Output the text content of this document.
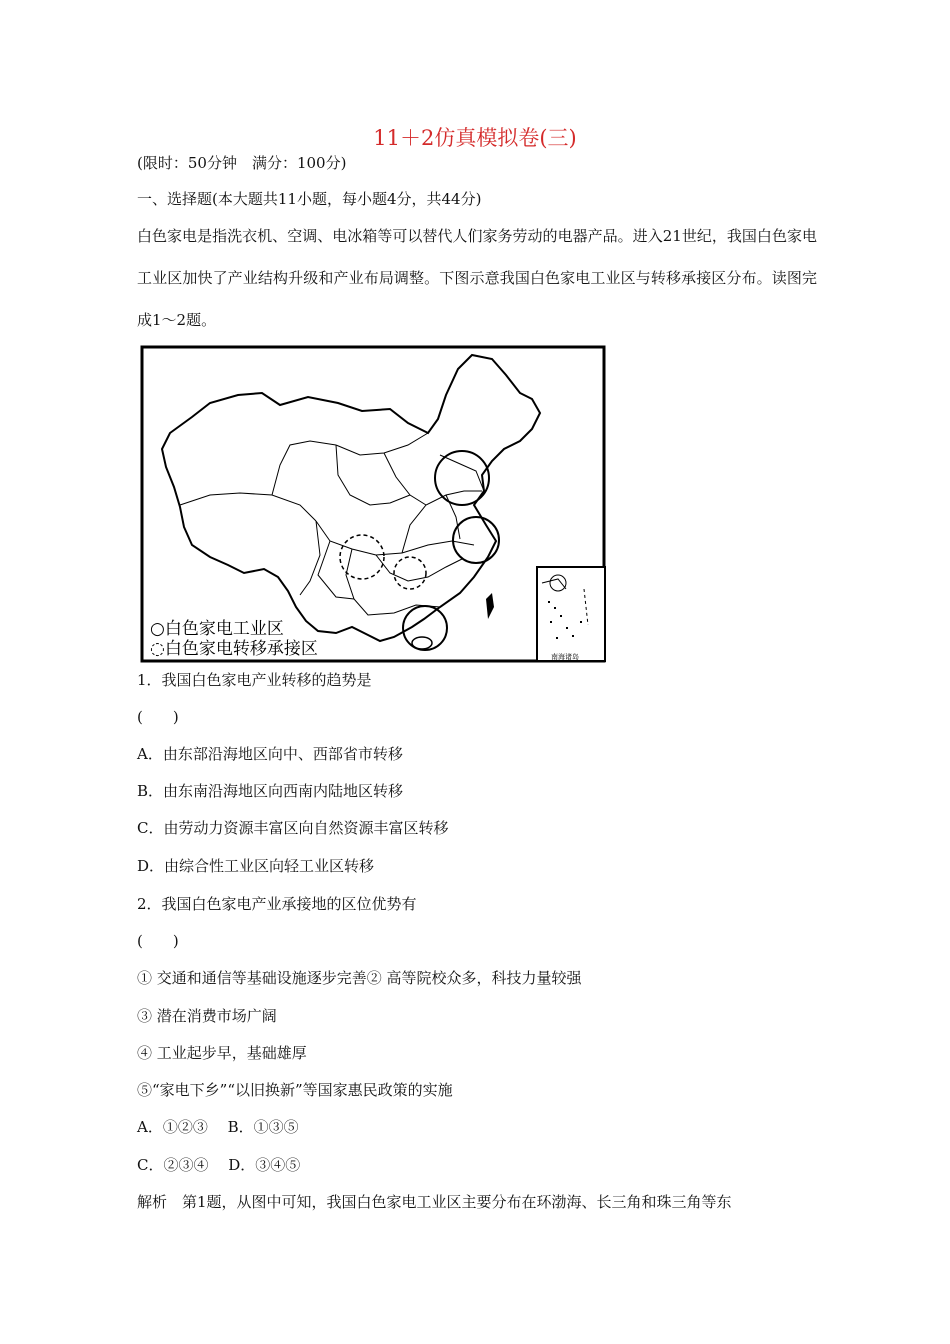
11＋2仿真模拟卷(三)
(限时：50分钟　满分：100分)
一、选择题(本大题共11小题，每小题4分，共44分)
白色家电是指洗衣机、空调、电冰箱等可以替代人们家务劳动的电器产品。进入21世纪，我国白色家电工业区加快了产业结构升级和产业布局调整。下图示意我国白色家电工业区与转移承接区分布。读图完成1～2题。
南海诸岛
○白色家电工业区
◌白色家电转移承接区
1．我国白色家电产业转移的趋势是
(　　)
A．由东部沿海地区向中、西部省市转移
B．由东南沿海地区向西南内陆地区转移
C．由劳动力资源丰富区向自然资源丰富区转移
D．由综合性工业区向轻工业区转移
2．我国白色家电产业承接地的区位优势有
(　　)
① 交通和通信等基础设施逐步完善② 高等院校众多，科技力量较强
③ 潜在消费市场广阔
④ 工业起步早，基础雄厚
⑤“家电下乡”“以旧换新”等国家惠民政策的实施
A．①②③　 B．①③⑤
C．②③④　 D．③④⑤
解析　第1题，从图中可知，我国白色家电工业区主要分布在环渤海、长三角和珠三角等东
